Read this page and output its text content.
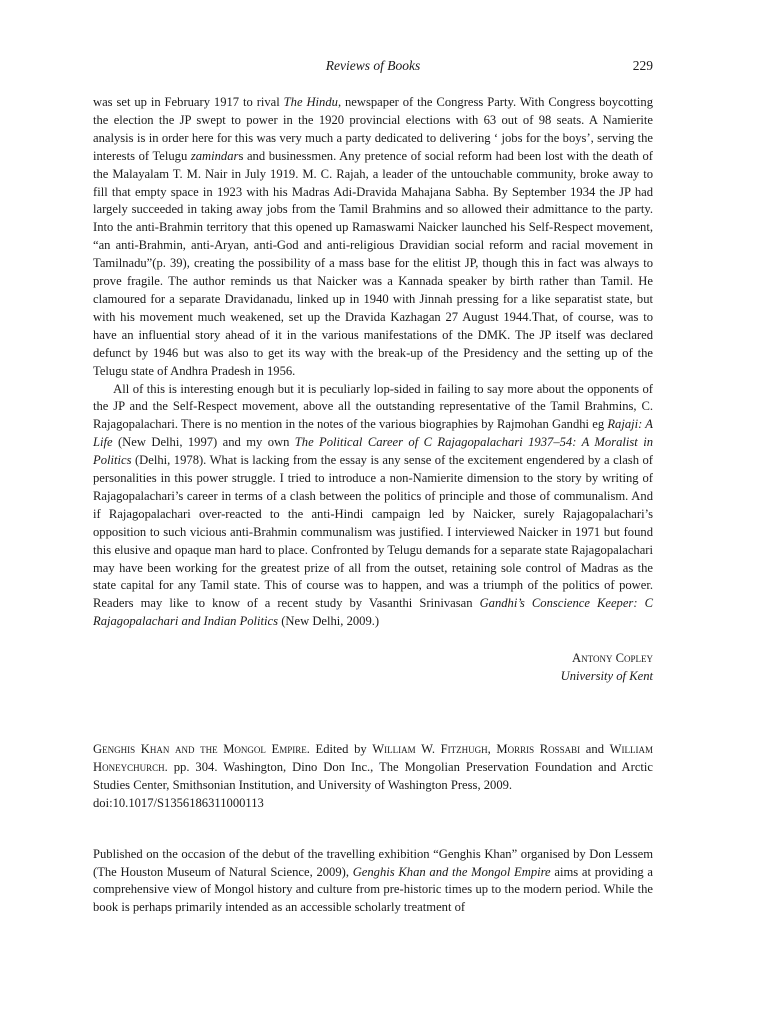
Reviews of Books	229

was set up in February 1917 to rival The Hindu, newspaper of the Congress Party. With Congress boycotting the election the JP swept to power in the 1920 provincial elections with 63 out of 98 seats. A Namierite analysis is in order here for this was very much a party dedicated to delivering ‘ jobs for the boys’, serving the interests of Telugu zamindars and businessmen. Any pretence of social reform had been lost with the death of the Malayalam T. M. Nair in July 1919. M. C. Rajah, a leader of the untouchable community, broke away to fill that empty space in 1923 with his Madras Adi-Dravida Mahajana Sabha. By September 1934 the JP had largely succeeded in taking away jobs from the Tamil Brahmins and so allowed their admittance to the party. Into the anti-Brahmin territory that this opened up Ramaswami Naicker launched his Self-Respect movement, “an anti-Brahmin, anti-Aryan, anti-God and anti-religious Dravidian social reform and racial movement in Tamilnadu”(p. 39), creating the possibility of a mass base for the elitist JP, though this in fact was always to prove fragile. The author reminds us that Naicker was a Kannada speaker by birth rather than Tamil. He clamoured for a separate Dravidanadu, linked up in 1940 with Jinnah pressing for a like separatist state, but with his movement much weakened, set up the Dravida Kazhagan 27 August 1944.That, of course, was to have an influential story ahead of it in the various manifestations of the DMK. The JP itself was declared defunct by 1946 but was also to get its way with the break-up of the Presidency and the setting up of the Telugu state of Andhra Pradesh in 1956.

All of this is interesting enough but it is peculiarly lop-sided in failing to say more about the opponents of the JP and the Self-Respect movement, above all the outstanding representative of the Tamil Brahmins, C. Rajagopalachari. There is no mention in the notes of the various biographies by Rajmohan Gandhi eg Rajaji: A Life (New Delhi, 1997) and my own The Political Career of C Rajagopalachari 1937–54: A Moralist in Politics (Delhi, 1978). What is lacking from the essay is any sense of the excitement engendered by a clash of personalities in this power struggle. I tried to introduce a non-Namierite dimension to the story by writing of Rajagopalachari’s career in terms of a clash between the politics of principle and those of communalism. And if Rajagopalachari over-reacted to the anti-Hindi campaign led by Naicker, surely Rajagopalachari’s opposition to such vicious anti-Brahmin communalism was justified. I interviewed Naicker in 1971 but found this elusive and opaque man hard to place. Confronted by Telugu demands for a separate state Rajagopalachari may have been working for the greatest prize of all from the outset, retaining sole control of Madras as the state capital for any Tamil state. This of course was to happen, and was a triumph of the politics of power. Readers may like to know of a recent study by Vasanthi Srinivasan Gandhi’s Conscience Keeper: C Rajagopalachari and Indian Politics (New Delhi, 2009.)

Antony Copley
University of Kent

Genghis Khan and the Mongol Empire. Edited by William W. Fitzhugh, Morris Rossabi and William Honeychurch. pp. 304. Washington, Dino Don Inc., The Mongolian Preservation Foundation and Arctic Studies Center, Smithsonian Institution, and University of Washington Press, 2009.

doi:10.1017/S1356186311000113

Published on the occasion of the debut of the travelling exhibition “Genghis Khan” organised by Don Lessem (The Houston Museum of Natural Science, 2009), Genghis Khan and the Mongol Empire aims at providing a comprehensive view of Mongol history and culture from pre-historic times up to the modern period. While the book is perhaps primarily intended as an accessible scholarly treatment of
